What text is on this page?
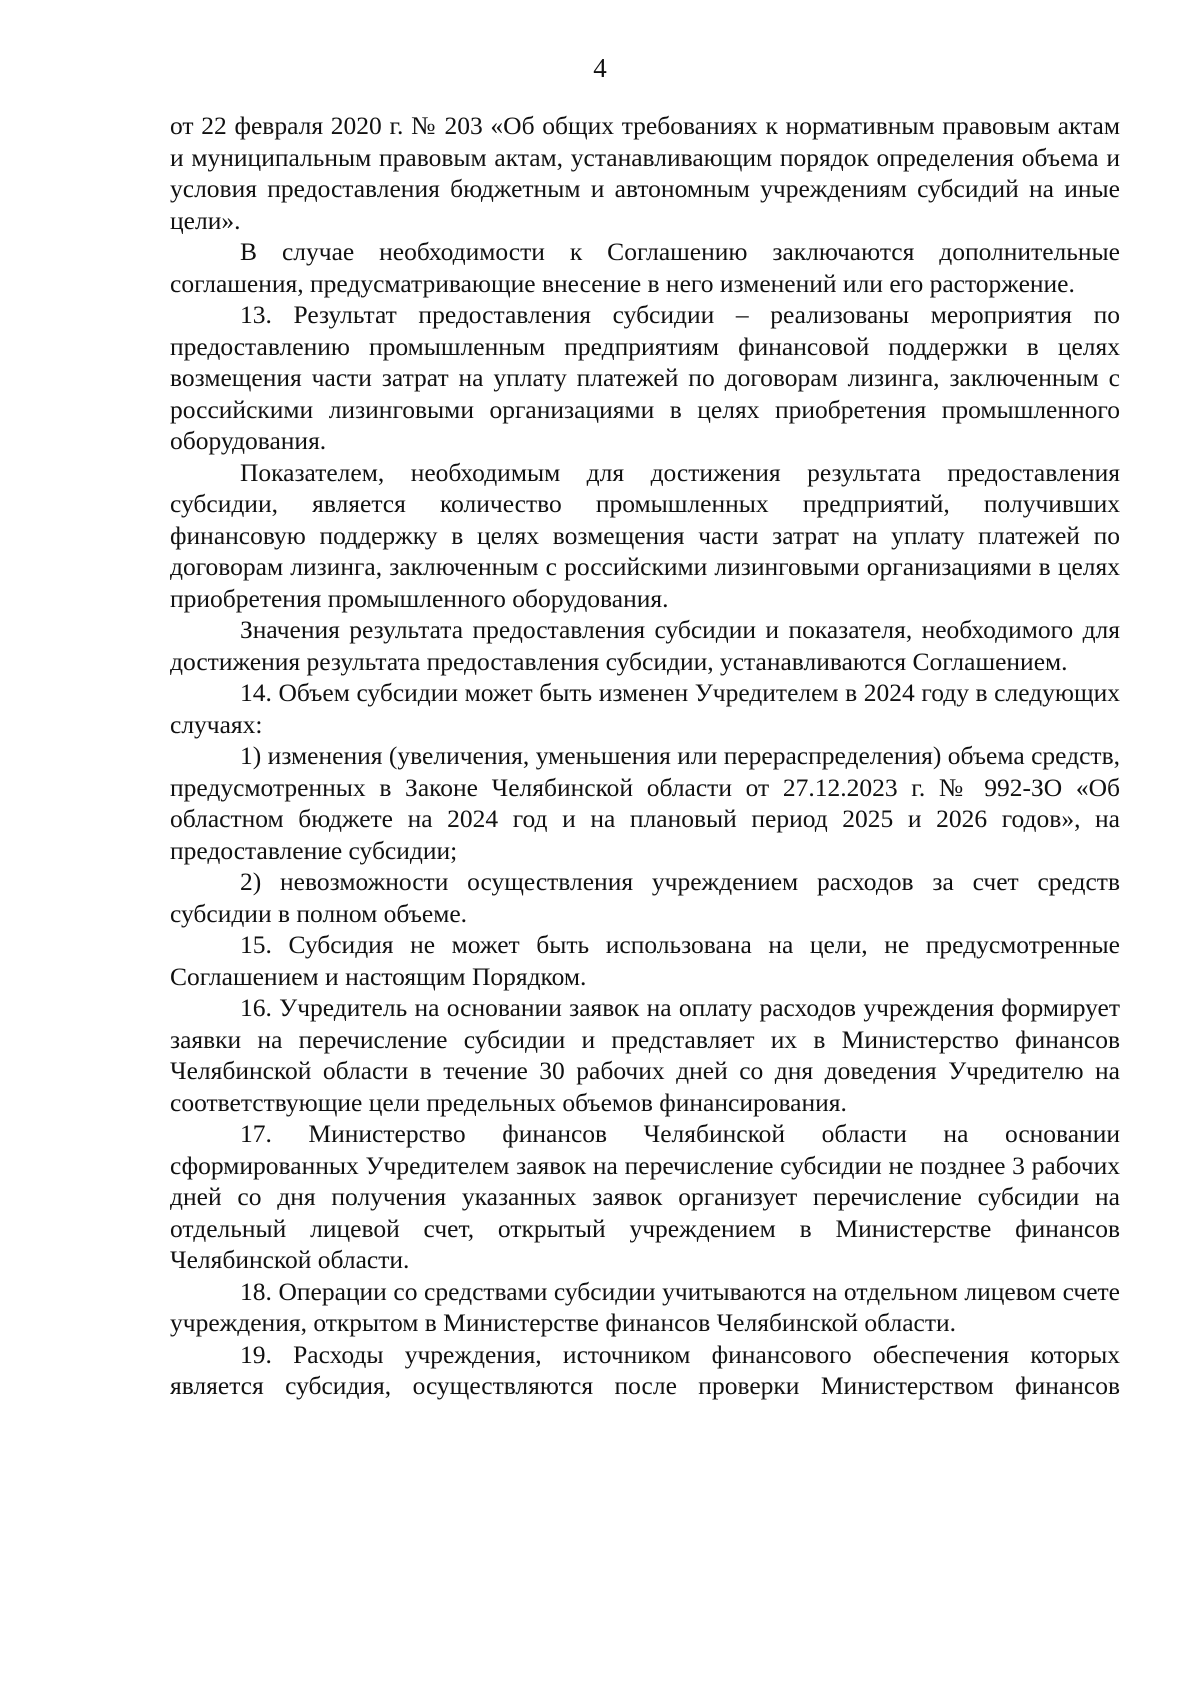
4

от 22 февраля 2020 г. № 203 «Об общих требованиях к нормативным правовым актам и муниципальным правовым актам, устанавливающим порядок определения объема и условия предоставления бюджетным и автономным учреждениям субсидий на иные цели».

В случае необходимости к Соглашению заключаются дополнительные соглашения, предусматривающие внесение в него изменений или его расторжение.

13. Результат предоставления субсидии – реализованы мероприятия по предоставлению промышленным предприятиям финансовой поддержки в целях возмещения части затрат на уплату платежей по договорам лизинга, заключенным с российскими лизинговыми организациями в целях приобретения промышленного оборудования.

Показателем, необходимым для достижения результата предоставления субсидии, является количество промышленных предприятий, получивших финансовую поддержку в целях возмещения части затрат на уплату платежей по договорам лизинга, заключенным с российскими лизинговыми организациями в целях приобретения промышленного оборудования.

Значения результата предоставления субсидии и показателя, необходимого для достижения результата предоставления субсидии, устанавливаются Соглашением.

14. Объем субсидии может быть изменен Учредителем в 2024 году в следующих случаях:

1) изменения (увеличения, уменьшения или перераспределения) объема средств, предусмотренных в Законе Челябинской области от 27.12.2023 г. № 992-ЗО «Об областном бюджете на 2024 год и на плановый период 2025 и 2026 годов», на предоставление субсидии;

2) невозможности осуществления учреждением расходов за счет средств субсидии в полном объеме.

15. Субсидия не может быть использована на цели, не предусмотренные Соглашением и настоящим Порядком.

16. Учредитель на основании заявок на оплату расходов учреждения формирует заявки на перечисление субсидии и представляет их в Министерство финансов Челябинской области в течение 30 рабочих дней со дня доведения Учредителю на соответствующие цели предельных объемов финансирования.

17. Министерство финансов Челябинской области на основании сформированных Учредителем заявок на перечисление субсидии не позднее 3 рабочих дней со дня получения указанных заявок организует перечисление субсидии на отдельный лицевой счет, открытый учреждением в Министерстве финансов Челябинской области.

18. Операции со средствами субсидии учитываются на отдельном лицевом счете учреждения, открытом в Министерстве финансов Челябинской области.

19. Расходы учреждения, источником финансового обеспечения которых является субсидия, осуществляются после проверки Министерством финансов
